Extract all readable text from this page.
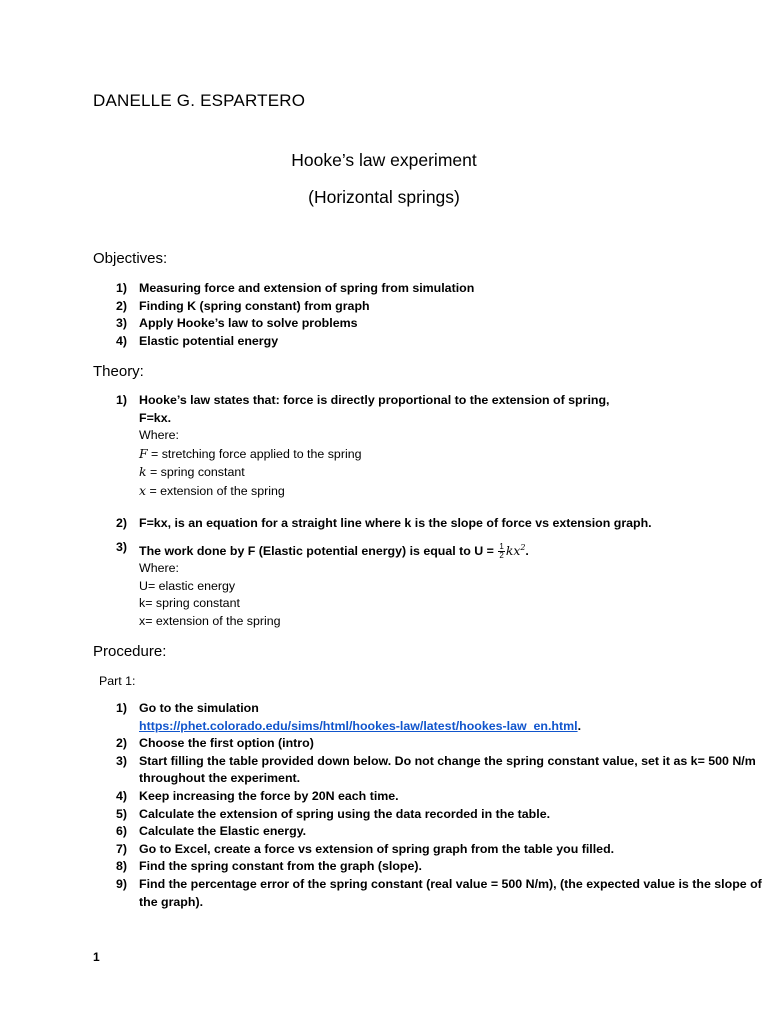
DANELLE G. ESPARTERO
Hooke’s law experiment
(Horizontal springs)
Objectives:
1) Measuring force and extension of spring from simulation
2) Finding K (spring constant) from graph
3) Apply Hooke’s law to solve problems
4) Elastic potential energy
Theory:
1) Hooke’s law states that: force is directly proportional to the extension of spring,
F=kx.
Where:
F = stretching force applied to the spring
k = spring constant
x = extension of the spring
2) F=kx, is an equation for a straight line where k is the slope of force vs extension graph.
3) The work done by F (Elastic potential energy) is equal to $U = \frac{1}{2} kx^2$.
Where:
U= elastic energy
k= spring constant
x= extension of the spring
Procedure:
Part 1:
1) Go to the simulation
https://phet.colorado.edu/sims/html/hookes-law/latest/hookes-law_en.html.
2) Choose the first option (intro)
3) Start filling the table provided down below. Do not change the spring constant value, set it as k= 500 N/m throughout the experiment.
4) Keep increasing the force by 20N each time.
5) Calculate the extension of spring using the data recorded in the table.
6) Calculate the Elastic energy.
7) Go to Excel, create a force vs extension of spring graph from the table you filled.
8) Find the spring constant from the graph (slope).
9) Find the percentage error of the spring constant (real value = 500 N/m), (the expected value is the slope of the graph).
1
